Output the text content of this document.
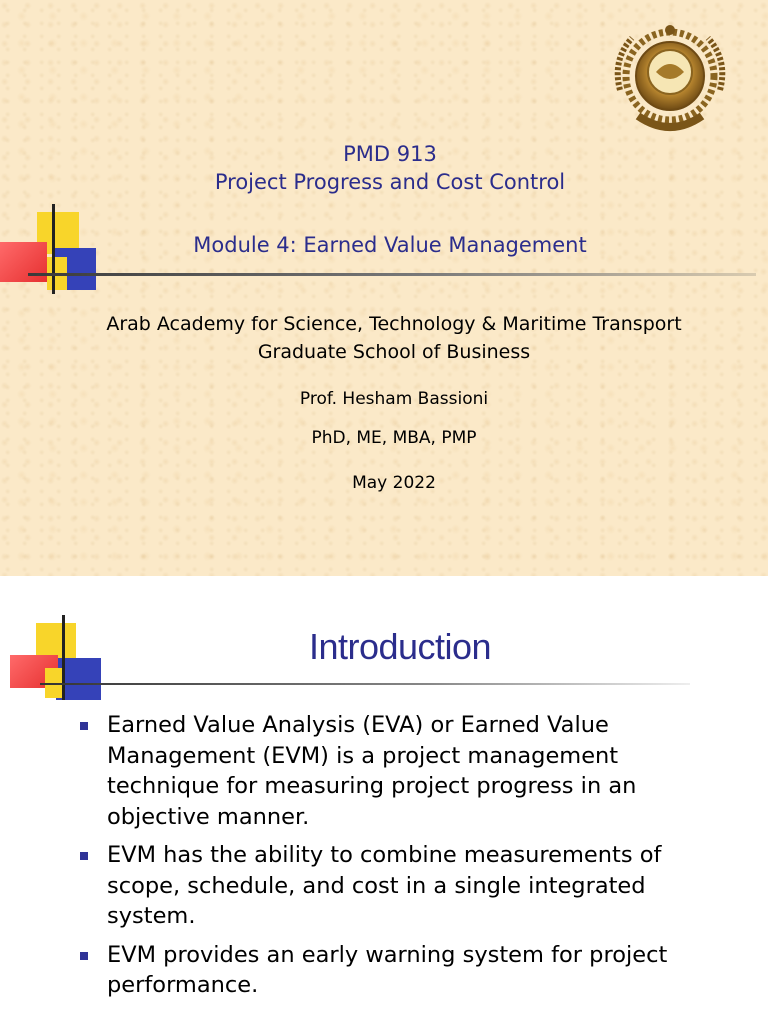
PMD 913
Project Progress and Cost Control
Module 4: Earned Value Management
Arab Academy for Science, Technology & Maritime Transport
Graduate School of Business
Prof. Hesham Bassioni
PhD, ME, MBA, PMP
May 2022
Introduction
Earned Value Analysis (EVA) or Earned Value Management (EVM) is a project management technique for measuring project progress in an objective manner.
EVM has the ability to combine measurements of scope, schedule, and cost in a single integrated system.
EVM provides an early warning system for project performance.
